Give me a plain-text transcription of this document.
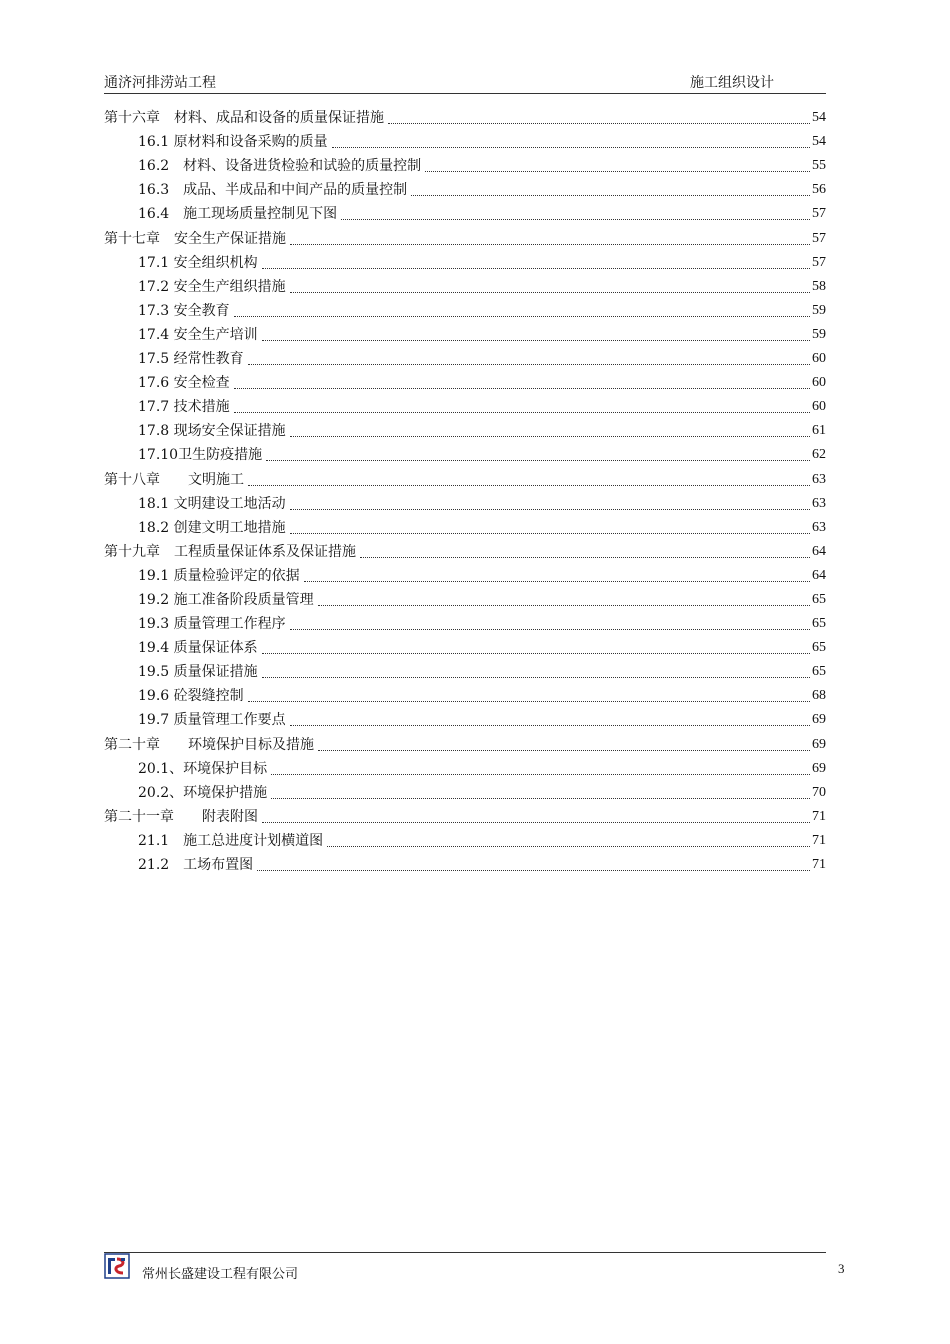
通济河排涝站工程	施工组织设计
第十六章　材料、成品和设备的质量保证措施	54
16.1 原材料和设备采购的质量	54
16.2　材料、设备进货检验和试验的质量控制	55
16.3　成品、半成品和中间产品的质量控制	56
16.4　施工现场质量控制见下图	57
第十七章　安全生产保证措施	57
17.1 安全组织机构	57
17.2 安全生产组织措施	58
17.3 安全教育	59
17.4 安全生产培训	59
17.5 经常性教育	60
17.6 安全检查	60
17.7 技术措施	60
17.8 现场安全保证措施	61
17.10卫生防疫措施	62
第十八章　　文明施工	63
18.1 文明建设工地活动	63
18.2 创建文明工地措施	63
第十九章　工程质量保证体系及保证措施	64
19.1 质量检验评定的依据	64
19.2 施工准备阶段质量管理	65
19.3 质量管理工作程序	65
19.4 质量保证体系	65
19.5 质量保证措施	65
19.6 砼裂缝控制	68
19.7 质量管理工作要点	69
第二十章　　环境保护目标及措施	69
20.1、环境保护目标	69
20.2、环境保护措施	70
第二十一章　　附表附图	71
21.1　施工总进度计划横道图	71
21.2　工场布置图	71
常州长盛建设工程有限公司	3
